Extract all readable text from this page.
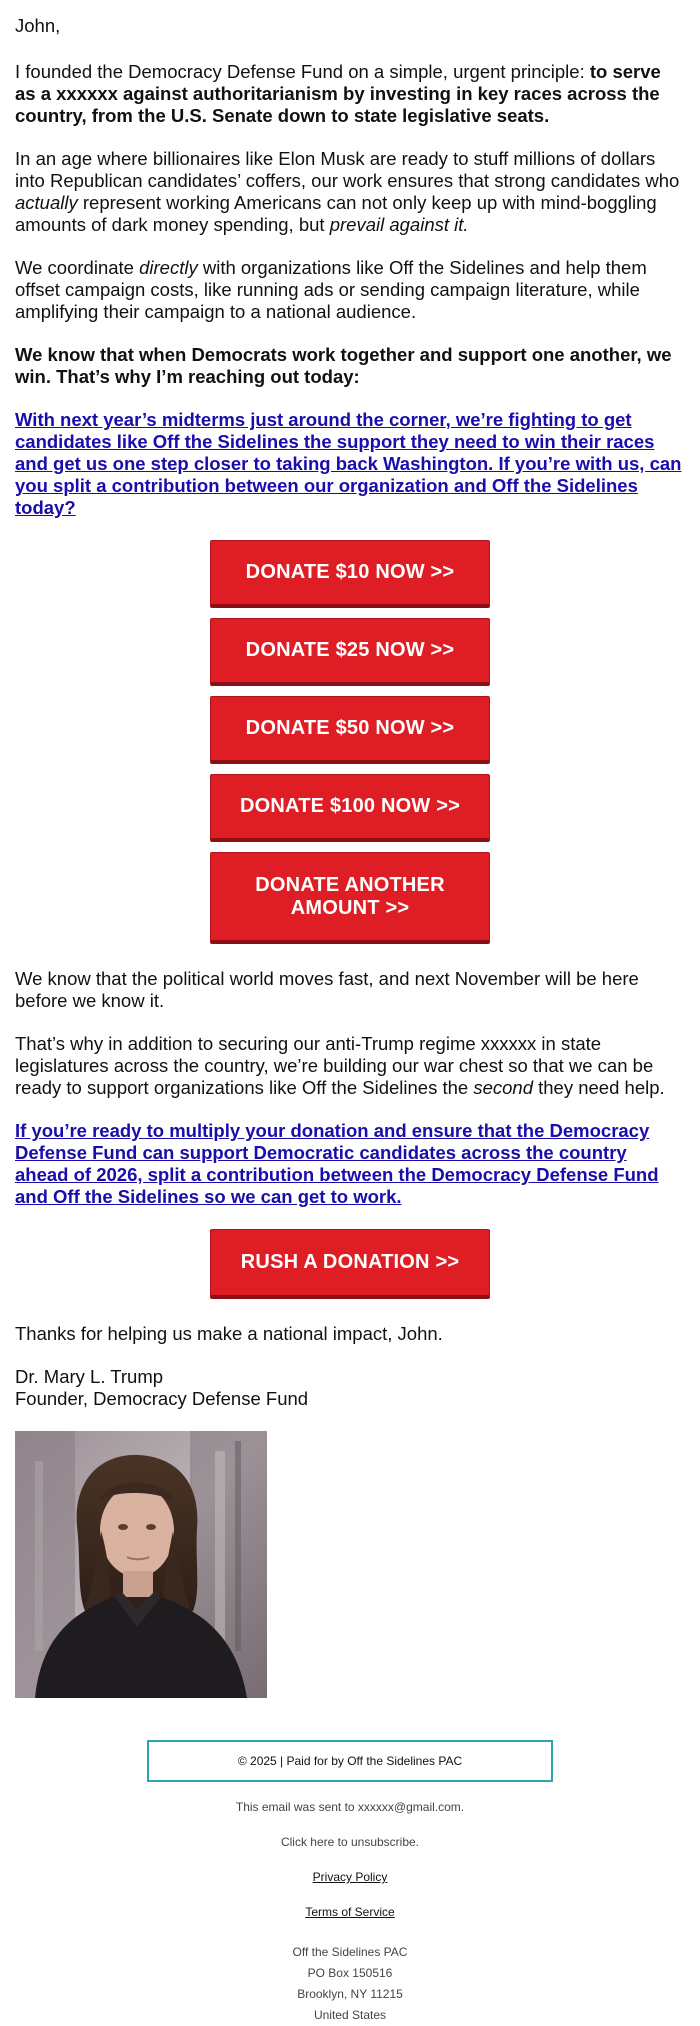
John,

I founded the Democracy Defense Fund on a simple, urgent principle: to serve as a xxxxxx against authoritarianism by investing in key races across the country, from the U.S. Senate down to state legislative seats.

In an age where billionaires like Elon Musk are ready to stuff millions of dollars into Republican candidates’ coffers, our work ensures that strong candidates who actually represent working Americans can not only keep up with mind-boggling amounts of dark money spending, but prevail against it.

We coordinate directly with organizations like Off the Sidelines and help them offset campaign costs, like running ads or sending campaign literature, while amplifying their campaign to a national audience.

We know that when Democrats work together and support one another, we win. That’s why I’m reaching out today:

With next year’s midterms just around the corner, we’re fighting to get candidates like Off the Sidelines the support they need to win their races and get us one step closer to taking back Washington. If you’re with us, can you split a contribution between our organization and Off the Sidelines today?

DONATE $10 NOW >>
DONATE $25 NOW >>
DONATE $50 NOW >>
DONATE $100 NOW >>
DONATE ANOTHER AMOUNT >>

We know that the political world moves fast, and next November will be here before we know it.

That’s why in addition to securing our anti-Trump regime xxxxxx in state legislatures across the country, we’re building our war chest so that we can be ready to support organizations like Off the Sidelines the second they need help.

If you’re ready to multiply your donation and ensure that the Democracy Defense Fund can support Democratic candidates across the country ahead of 2026, split a contribution between the Democracy Defense Fund and Off the Sidelines so we can get to work.

RUSH A DONATION >>

Thanks for helping us make a national impact, John.

Dr. Mary L. Trump
Founder, Democracy Defense Fund
© 2025 | Paid for by Off the Sidelines PAC
This email was sent to xxxxxx@gmail.com.
Click here to unsubscribe.
Privacy Policy
Terms of Service
Off the Sidelines PAC
PO Box 150516
Brooklyn, NY 11215
United States
